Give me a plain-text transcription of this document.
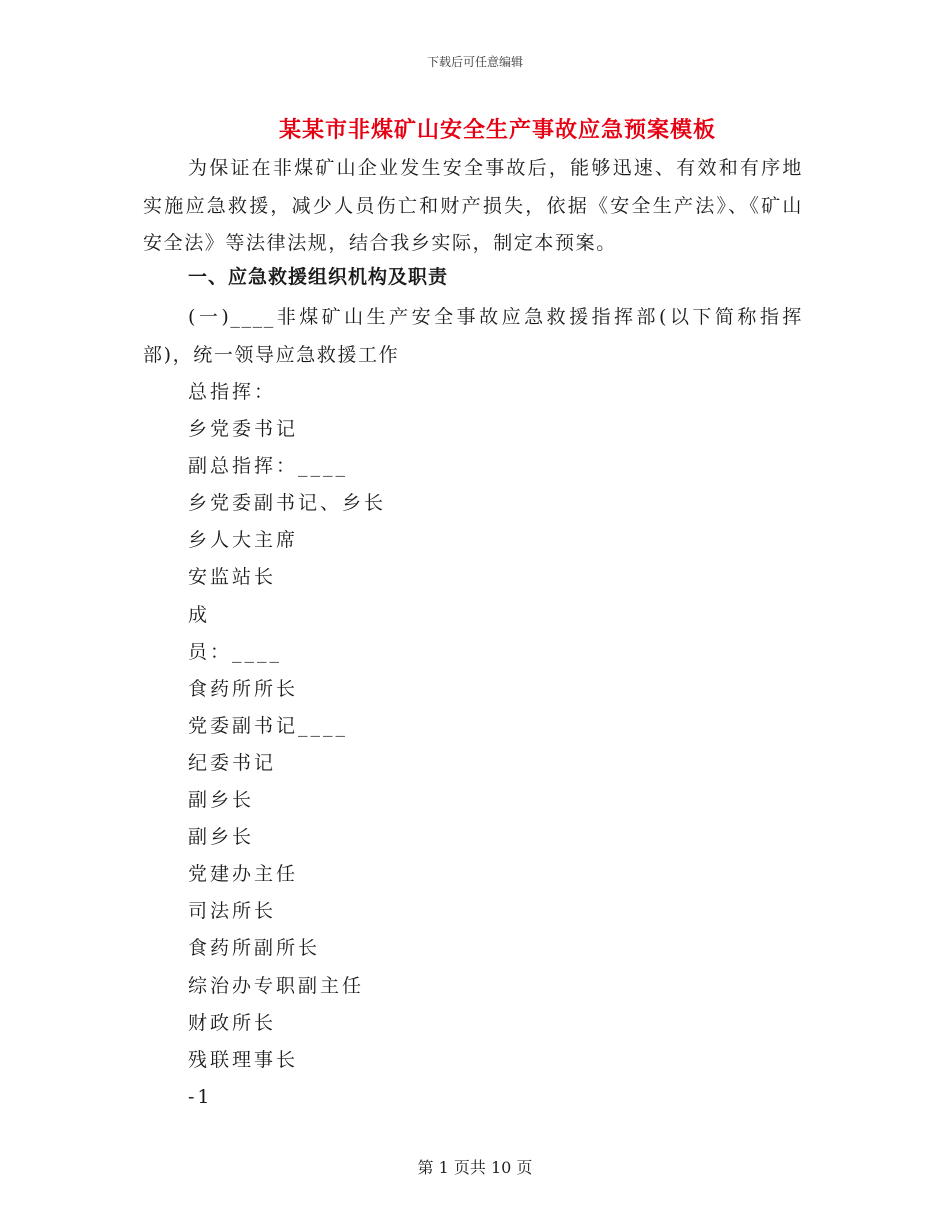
下载后可任意编辑
某某市非煤矿山安全生产事故应急预案模板

为保证在非煤矿山企业发生安全事故后，能够迅速、有效和有序地实施应急救援，减少人员伤亡和财产损失，依据《安全生产法》、《矿山安全法》等法律法规，结合我乡实际，制定本预案。

一、应急救援组织机构及职责

(一)____非煤矿山生产安全事故应急救援指挥部(以下简称指挥部)，统一领导应急救援工作

总指挥：
乡党委书记
副总指挥：____
乡党委副书记、乡长
乡人大主席
安监站长
成
员：____
食药所所长
党委副书记____
纪委书记
副乡长
副乡长
党建办主任
司法所长
食药所副所长
综治办专职副主任
财政所长
残联理事长
-1
第 1 页共 10 页
